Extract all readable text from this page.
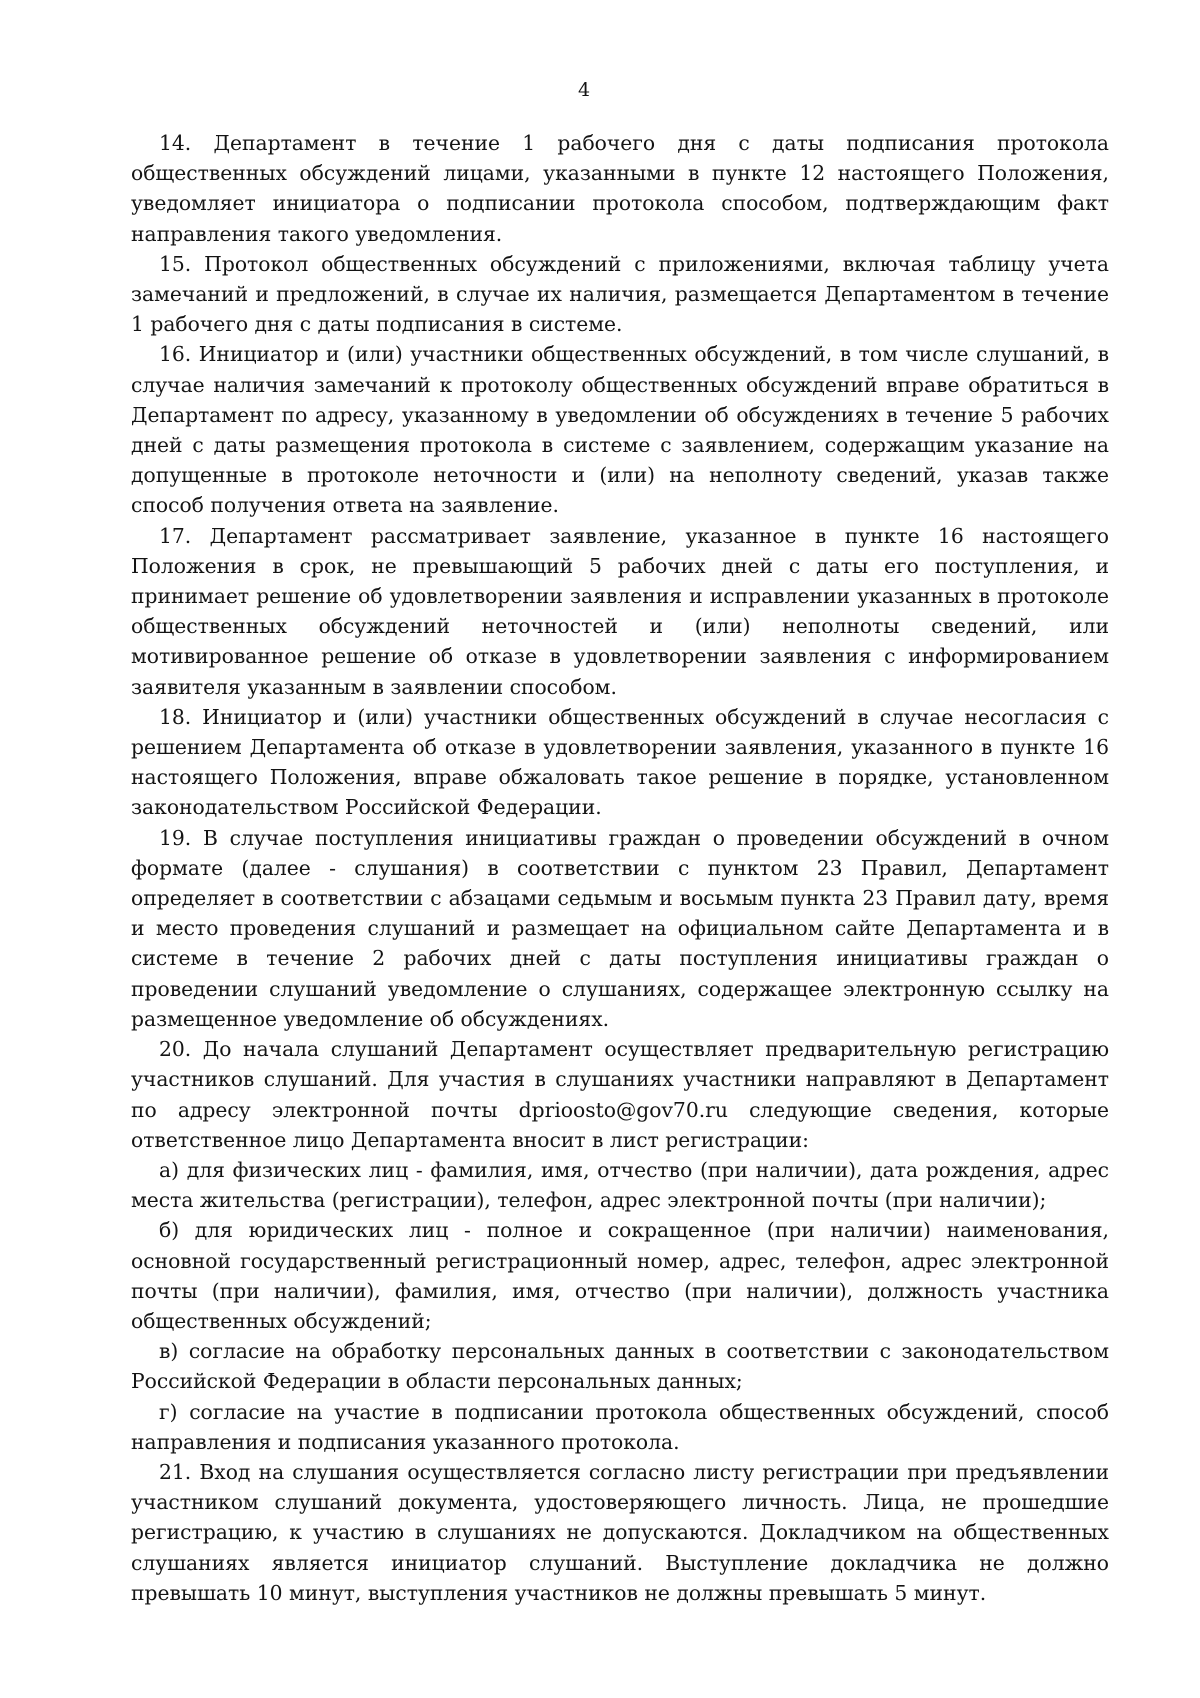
4

14. Департамент в течение 1 рабочего дня с даты подписания протокола общественных обсуждений лицами, указанными в пункте 12 настоящего Положения, уведомляет инициатора о подписании протокола способом, подтверждающим факт направления такого уведомления.

15. Протокол общественных обсуждений с приложениями, включая таблицу учета замечаний и предложений, в случае их наличия, размещается Департаментом в течение 1 рабочего дня с даты подписания в системе.

16. Инициатор и (или) участники общественных обсуждений, в том числе слушаний, в случае наличия замечаний к протоколу общественных обсуждений вправе обратиться в Департамент по адресу, указанному в уведомлении об обсуждениях в течение 5 рабочих дней с даты размещения протокола в системе с заявлением, содержащим указание на допущенные в протоколе неточности и (или) на неполноту сведений, указав также способ получения ответа на заявление.

17. Департамент рассматривает заявление, указанное в пункте 16 настоящего Положения в срок, не превышающий 5 рабочих дней с даты его поступления, и принимает решение об удовлетворении заявления и исправлении указанных в протоколе общественных обсуждений неточностей и (или) неполноты сведений, или мотивированное решение об отказе в удовлетворении заявления с информированием заявителя указанным в заявлении способом.

18. Инициатор и (или) участники общественных обсуждений в случае несогласия с решением Департамента об отказе в удовлетворении заявления, указанного в пункте 16 настоящего Положения, вправе обжаловать такое решение в порядке, установленном законодательством Российской Федерации.

19. В случае поступления инициативы граждан о проведении обсуждений в очном формате (далее - слушания) в соответствии с пунктом 23 Правил, Департамент определяет в соответствии с абзацами седьмым и восьмым пункта 23 Правил дату, время и место проведения слушаний и размещает на официальном сайте Департамента и в системе в течение 2 рабочих дней с даты поступления инициативы граждан о проведении слушаний уведомление о слушаниях, содержащее электронную ссылку на размещенное уведомление об обсуждениях.

20. До начала слушаний Департамент осуществляет предварительную регистрацию участников слушаний. Для участия в слушаниях участники направляют в Департамент по адресу электронной почты dprioosto@gov70.ru следующие сведения, которые ответственное лицо Департамента вносит в лист регистрации:

а) для физических лиц - фамилия, имя, отчество (при наличии), дата рождения, адрес места жительства (регистрации), телефон, адрес электронной почты (при наличии);

б) для юридических лиц - полное и сокращенное (при наличии) наименования, основной государственный регистрационный номер, адрес, телефон, адрес электронной почты (при наличии), фамилия, имя, отчество (при наличии), должность участника общественных обсуждений;

в) согласие на обработку персональных данных в соответствии с законодательством Российской Федерации в области персональных данных;

г) согласие на участие в подписании протокола общественных обсуждений, способ направления и подписания указанного протокола.

21. Вход на слушания осуществляется согласно листу регистрации при предъявлении участником слушаний документа, удостоверяющего личность. Лица, не прошедшие регистрацию, к участию в слушаниях не допускаются. Докладчиком на общественных слушаниях является инициатор слушаний. Выступление докладчика не должно превышать 10 минут, выступления участников не должны превышать 5 минут.
